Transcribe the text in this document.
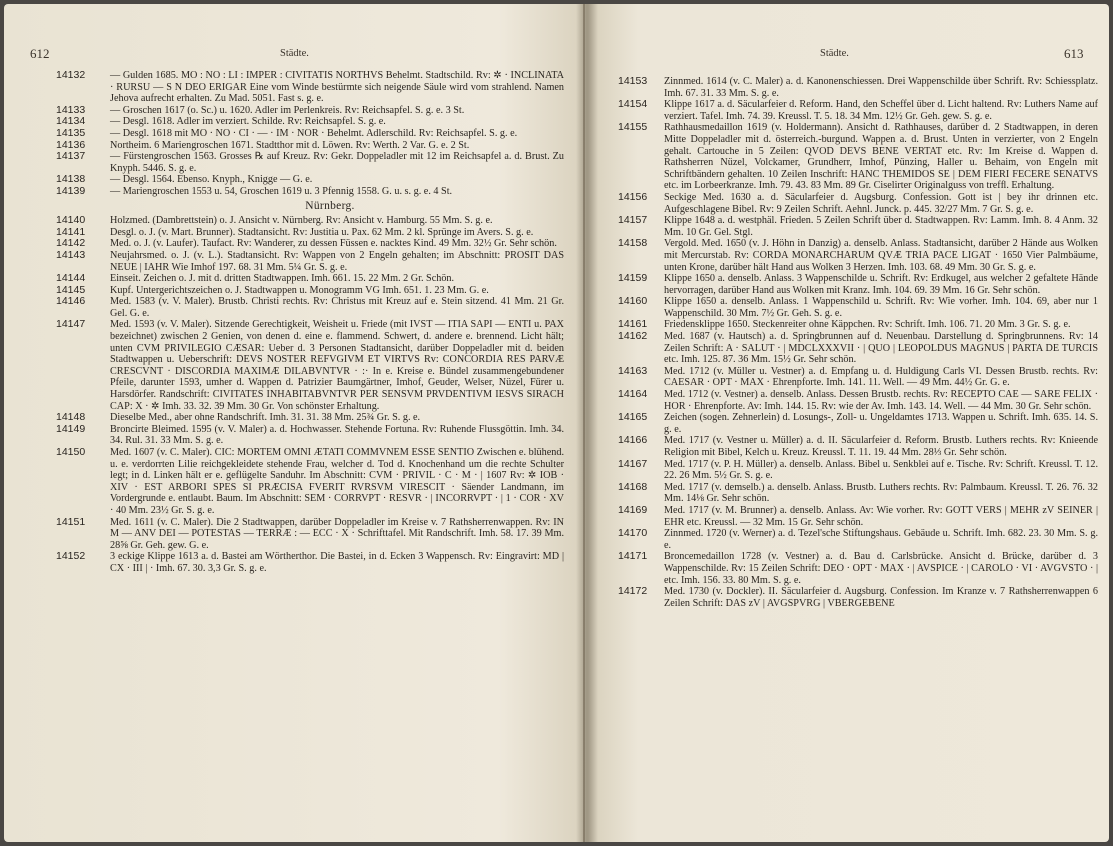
612	Städte.
14132 — Gulden 1685. MO : NO : LI : IMPER : CIVITATIS NORTHVS Behelmt. Stadtschild. Rv: ✲ · INCLINATA · RURSU — S N DEO ERIGAR Eine vom Winde bestürmte sich neigende Säule wird vom strahlend. Namen Jehova aufrecht erhalten. Zu Mad. 5051. Fast s. g. e.
14133 — Groschen 1617 (o. Sc.) u. 1620. Adler im Perlenkreis. Rv: Reichsapfel. S. g. e. 3 St.
14134 — Desgl. 1618. Adler im verziert. Schilde. Rv: Reichsapfel. S. g. e.
14135 — Desgl. 1618 mit MO · NO · CI · — · IM · NOR · Behelmt. Adlerschild. Rv: Reichsapfel. S. g. e.
14136 Northeim. 6 Mariengroschen 1671. Stadtthor mit d. Löwen. Rv: Werth. 2 Var. G. e. 2 St.
14137 — Fürstengroschen 1563. Grosses ℞ auf Kreuz. Rv: Gekr. Doppeladler mit 12 im Reichsapfel a. d. Brust. Zu Knyph. 5446. S. g. e.
14138 — Desgl. 1564. Ebenso. Knyph., Knigge — G. e.
14139 — Mariengroschen 1553 u. 54, Groschen 1619 u. 3 Pfennig 1558. G. u. s. g. e. 4 St.
Nürnberg.
14140 Holzmed. (Dambrettstein) o. J. Ansicht v. Nürnberg. Rv: Ansicht v. Hamburg. 55 Mm. S. g. e.
14141 Desgl. o. J. (v. Mart. Brunner). Stadtansicht. Rv: Justitia u. Pax. 62 Mm. 2 kl. Sprünge im Avers. S. g. e.
14142 Med. o. J. (v. Laufer). Taufact. Rv: Wanderer, zu dessen Füssen e. nacktes Kind. 49 Mm. 32½ Gr. Sehr schön.
14143 Neujahrsmed. o. J. (v. L.). Stadtansicht. Rv: Wappen von 2 Engeln gehalten; im Abschnitt: PROSIT DAS NEUE | IAHR Wie Imhof 197. 68. 31 Mm. 5¼ Gr. S. g. e.
14144 Einseit. Zeichen o. J. mit d. dritten Stadtwappen. Imh. 661. 15. 22 Mm. 2 Gr. Schön.
14145 Kupf. Untergerichtszeichen o. J. Stadtwappen u. Monogramm VG Imh. 651. 1. 23 Mm. G. e.
14146 Med. 1583 (v. V. Maler). Brustb. Christi rechts. Rv: Christus mit Kreuz auf e. Stein sitzend. 41 Mm. 21 Gr. Gel. G. e.
14147 Med. 1593 (v. V. Maler). Sitzende Gerechtigkeit, Weisheit u. Friede (mit IVST — ITIA SAPI — ENTI u. PAX bezeichnet) zwischen 2 Genien, von denen d. eine e. flammend. Schwert, d. andere e. brennend. Licht hält; unten CVM PRIVILEGIO CÆSAR: Ueber d. 3 Personen Stadtansicht, darüber Doppeladler mit d. beiden Stadtwappen u. Ueberschrift: DEVS NOSTER REFVGIVM ET VIRTVS Rv: CONCORDIA RES PARVÆ CRESCVNT · DISCORDIA MAXIMÆ DILABVNTVR · :· In e. Kreise e. Bündel zusammengebundener Pfeile, darunter 1593, umher d. Wappen d. Patrizier Baumgärtner, Imhof, Geuder, Welser, Nüzel, Fürer u. Harsdörfer. Randschrift: CIVITATES INHABITABVNTVR PER SENSVM PRVDENTIVM IESVS SIRACH CAP: X · ✲ Imh. 33. 32. 39 Mm. 30 Gr. Von schönster Erhaltung.
14148 Dieselbe Med., aber ohne Randschrift. Imh. 31. 31. 38 Mm. 25¾ Gr. S. g. e.
14149 Broncirte Bleimed. 1595 (v. V. Maler) a. d. Hochwasser. Stehende Fortuna. Rv: Ruhende Flussgöttin. Imh. 34. 34. Rul. 31. 33 Mm. S. g. e.
14150 Med. 1607 (v. C. Maler). CIC: MORTEM OMNI ÆTATI COMMVNEM ESSE SENTIO Zwischen e. blühend. u. e. verdorrten Lilie reichgekleidete stehende Frau, welcher d. Tod d. Knochenhand um die rechte Schulter legt; in d. Linken hält er e. geflügelte Sanduhr. Im Abschnitt: CVM · PRIVIL · C · M · | 1607 Rv: ✲ IOB · XIV · EST ARBORI SPES SI PRÆCISA FVERIT RVRSVM VIRESCIT · Säender Landmann, im Vordergrunde e. entlaubt. Baum. Im Abschnitt: SEM · CORRVPT · RESVR · | INCORRVPT · | 1 · COR · XV · 40 Mm. 23½ Gr. S. g. e.
14151 Med. 1611 (v. C. Maler). Die 2 Stadtwappen, darüber Doppeladler im Kreise v. 7 Rathsherrenwappen. Rv: IN M — ANV DEI — POTESTAS — TERRÆ : — ECC · X · Schrifttafel. Mit Randschrift. Imh. 58. 17. 39 Mm. 28⅝ Gr. Geh. gew. G. e.
14152 3 eckige Klippe 1613 a. d. Bastei am Wörtherthor. Die Bastei, in d. Ecken 3 Wappensch. Rv: Eingravirt: MD | CX · III | · Imh. 67. 30. 3,3 Gr. S. g. e.
Städte.	613
14153 Zinnmed. 1614 (v. C. Maler) a. d. Kanonenschiessen. Drei Wappenschilde über Schrift. Rv: Schiessplatz. Imh. 67. 31. 33 Mm. S. g. e.
14154 Klippe 1617 a. d. Säcularfeier d. Reform. Hand, den Scheffel über d. Licht haltend. Rv: Luthers Name auf verziert. Tafel. Imh. 74. 39. Kreussl. T. 5. 18. 34 Mm. 12½ Gr. Geh. gew. S. g. e.
14155 Rathhausmedaillon 1619 (v. Holdermann). Ansicht d. Rathhauses, darüber d. 2 Stadtwappen, in deren Mitte Doppeladler mit d. österreich.-burgund. Wappen a. d. Brust. Unten in verzierter, von 2 Engeln gehalt. Cartouche in 5 Zeilen: QVOD DEVS BENE VERTAT etc. Rv: Im Kreise d. Wappen d. Rathsherren Nüzel, Volckamer, Grundherr, Imhof, Pünzing, Haller u. Behaim, von Engeln mit Schriftbändern gehalten. 10 Zeilen Inschrift: HANC THEMIDOS SE | DEM FIERI FECERE SENATVS etc. im Lorbeerkranze. Imh. 79. 43. 83 Mm. 89 Gr. Ciselirter Originalguss von trefﬂ. Erhaltung.
14156 Seckige Med. 1630 a. d. Säcularfeier d. Augsburg. Confession. Gott ist | bey ihr drinnen etc. Aufgeschlagene Bibel. Rv: 9 Zeilen Schrift. Aehnl. Junck. p. 445. 32/27 Mm. 7 Gr. S. g. e.
14157 Klippe 1648 a. d. westphäl. Frieden. 5 Zeilen Schrift über d. Stadtwappen. Rv: Lamm. Imh. 8. 4 Anm. 32 Mm. 10 Gr. Gel. Stgl.
14158 Vergold. Med. 1650 (v. J. Höhn in Danzig) a. denselb. Anlass. Stadtansicht, darüber 2 Hände aus Wolken mit Mercurstab. Rv: CORDA MONARCHARUM QVÆ TRIA PACE LIGAT · 1650 Vier Palmbäume, unten Krone, darüber hält Hand aus Wolken 3 Herzen. Imh. 103. 68. 49 Mm. 30 Gr. S. g. e.
14159 Klippe 1650 a. denselb. Anlass. 3 Wappenschilde u. Schrift. Rv: Erdkugel, aus welcher 2 gefaltete Hände hervorragen, darüber Hand aus Wolken mit Kranz. Imh. 104. 69. 39 Mm. 16 Gr. Sehr schön.
14160 Klippe 1650 a. denselb. Anlass. 1 Wappenschild u. Schrift. Rv: Wie vorher. Imh. 104. 69, aber nur 1 Wappenschild. 30 Mm. 7½ Gr. Geh. S. g. e.
14161 Friedensklippe 1650. Steckenreiter ohne Käppchen. Rv: Schrift. Imh. 106. 71. 20 Mm. 3 Gr. S. g. e.
14162 Med. 1687 (v. Hautsch) a. d. Springbrunnen auf d. Neuenbau. Darstellung d. Springbrunnens. Rv: 14 Zeilen Schrift: A · SALUT · | MDCLXXXVII · | QUO | LEOPOLDUS MAGNUS | PARTA DE TURCIS etc. Imh. 125. 87. 36 Mm. 15½ Gr. Sehr schön.
14163 Med. 1712 (v. Müller u. Vestner) a. d. Empfang u. d. Huldigung Carls VI. Dessen Brustb. rechts. Rv: CAESAR · OPT · MAX · Ehrenpforte. Imh. 141. 11. Well. — 49 Mm. 44½ Gr. G. e.
14164 Med. 1712 (v. Vestner) a. denselb. Anlass. Dessen Brustb. rechts. Rv: RECEPTO CAE — SARE FELIX · HOR · Ehrenpforte. Av: Imh. 144. 15. Rv: wie der Av. Imh. 143. 14. Well. — 44 Mm. 30 Gr. Sehr schön.
14165 Zeichen (sogen. Zehnerlein) d. Losungs-, Zoll- u. Ungeldamtes 1713. Wappen u. Schrift. Imh. 635. 14. S. g. e.
14166 Med. 1717 (v. Vestner u. Müller) a. d. II. Säcularfeier d. Reform. Brustb. Luthers rechts. Rv: Knieende Religion mit Bibel, Kelch u. Kreuz. Kreussl. T. 11. 19. 44 Mm. 28⅓ Gr. Sehr schön.
14167 Med. 1717 (v. P. H. Müller) a. denselb. Anlass. Bibel u. Senkblei auf e. Tische. Rv: Schrift. Kreussl. T. 12. 22. 26 Mm. 5½ Gr. S. g. e.
14168 Med. 1717 (v. demselb.) a. denselb. Anlass. Brustb. Luthers rechts. Rv: Palmbaum. Kreussl. T. 26. 76. 32 Mm. 14⅛ Gr. Sehr schön.
14169 Med. 1717 (v. M. Brunner) a. denselb. Anlass. Av: Wie vorher. Rv: GOTT VERS | MEHR zV SEINER | EHR etc. Kreussl. — 32 Mm. 15 Gr. Sehr schön.
14170 Zinnmed. 1720 (v. Werner) a. d. Tezel'sche Stiftungshaus. Gebäude u. Schrift. Imh. 682. 23. 30 Mm. S. g. e.
14171 Broncemedaillon 1728 (v. Vestner) a. d. Bau d. Carlsbrücke. Ansicht d. Brücke, darüber d. 3 Wappenschilde. Rv: 15 Zeilen Schrift: DEO · OPT · MAX · | AVSPICE · | CAROLO · VI · AVGVSTO · | etc. Imh. 156. 33. 80 Mm. S. g. e.
14172 Med. 1730 (v. Dockler). II. Säcularfeier d. Augsburg. Confession. Im Kranze v. 7 Rathsherrenwappen 6 Zeilen Schrift: DAS zV | AVGSPVRG | VBERGEBENE
